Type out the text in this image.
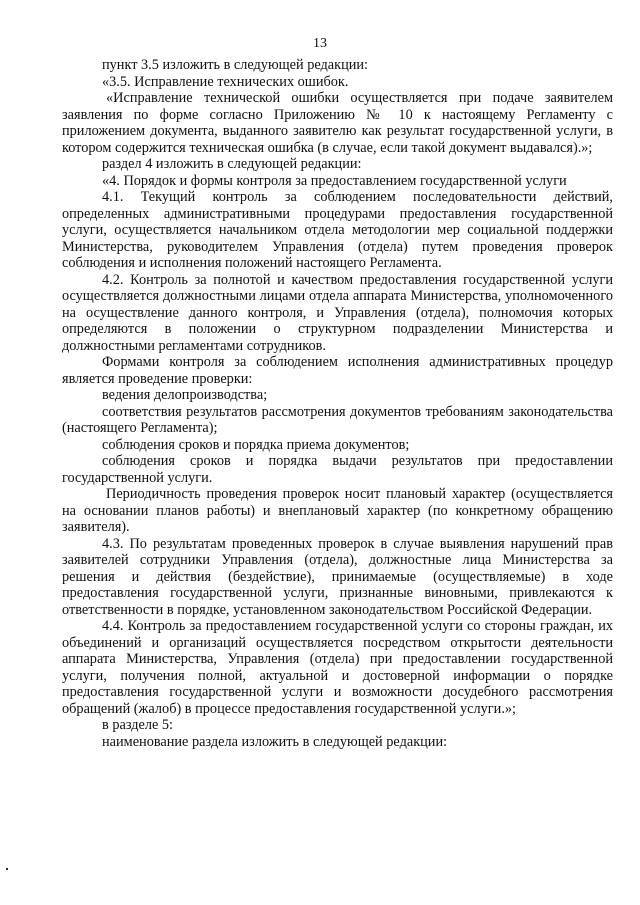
13

пункт 3.5 изложить в следующей редакции:

«3.5. Исправление технических ошибок.

«Исправление технической ошибки осуществляется при подаче заявителем заявления по форме согласно Приложению № 10 к настоящему Регламенту с приложением документа, выданного заявителю как результат государственной услуги, в котором содержится техническая ошибка (в случае, если такой документ выдавался).»;

раздел 4 изложить в следующей редакции:

«4. Порядок и формы контроля за предоставлением государственной услуги

4.1. Текущий контроль за соблюдением последовательности действий, определенных административными процедурами предоставления государственной услуги, осуществляется начальником отдела методологии мер социальной поддержки Министерства, руководителем Управления (отдела) путем проведения проверок соблюдения и исполнения положений настоящего Регламента.

4.2. Контроль за полнотой и качеством предоставления государственной услуги осуществляется должностными лицами отдела аппарата Министерства, уполномоченного на осуществление данного контроля, и Управления (отдела), полномочия которых определяются в положении о структурном подразделении Министерства и должностными регламентами сотрудников.

Формами контроля за соблюдением исполнения административных процедур является проведение проверки:

ведения делопроизводства;

соответствия результатов рассмотрения документов требованиям законодательства (настоящего Регламента);

соблюдения сроков и порядка приема документов;

соблюдения сроков и порядка выдачи результатов при предоставлении государственной услуги.

Периодичность проведения проверок носит плановый характер (осуществляется на основании планов работы) и внеплановый характер (по конкретному обращению заявителя).

4.3. По результатам проведенных проверок в случае выявления нарушений прав заявителей сотрудники Управления (отдела), должностные лица Министерства за решения и действия (бездействие), принимаемые (осуществляемые) в ходе предоставления государственной услуги, признанные виновными, привлекаются к ответственности в порядке, установленном законодательством Российской Федерации.

4.4. Контроль за предоставлением государственной услуги со стороны граждан, их объединений и организаций осуществляется посредством открытости деятельности аппарата Министерства, Управления (отдела) при предоставлении государственной услуги, получения полной, актуальной и достоверной информации о порядке предоставления государственной услуги и возможности досудебного рассмотрения обращений (жалоб) в процессе предоставления государственной услуги.»;

в разделе 5:

наименование раздела изложить в следующей редакции:
